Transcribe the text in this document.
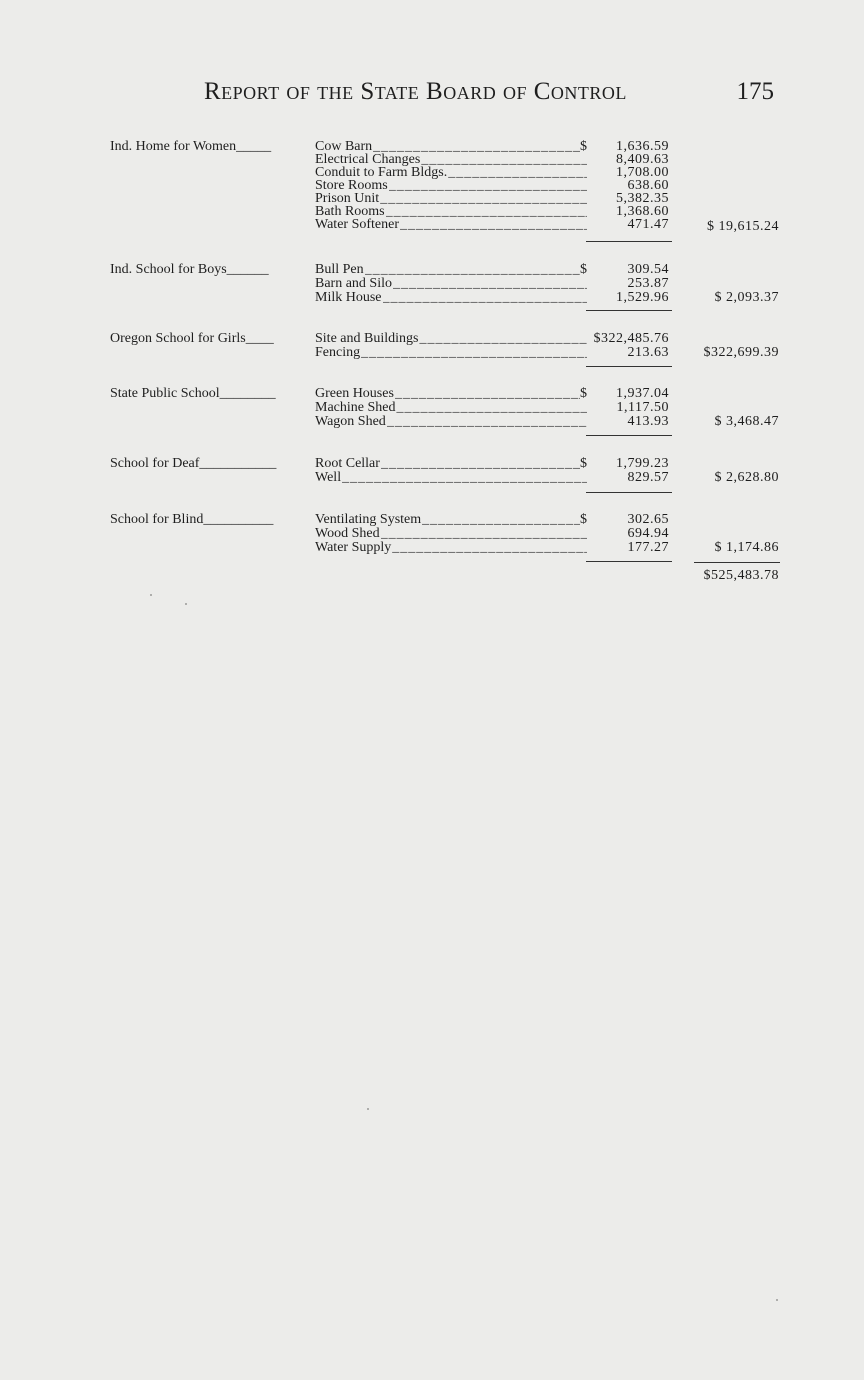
Report of the State Board of Control	175
Ind. Home for Women_____	Cow Barn _____	$ 1,636.59
Electrical Changes _____	8,409.63
Conduit to Farm Bldgs. _____	1,708.00
Store Rooms _____	638.60
Prison Unit _____	5,382.35
Bath Rooms _____	1,368.60
Water Softener _____	471.47	$ 19,615.24
Ind. School for Boys______	Bull Pen _____	$	309.54
Barn and Silo _____	253.87
Milk House _____	1,529.96	$ 2,093.37
Oregon School for Girls____	Site and Buildings _____	$322,485.76
Fencing _____	213.63 $322,699.39
State Public School________	Green Houses _____	$ 1,937.04
Machine Shed _____	1,117.50
Wagon Shed _____	413.93	$ 3,468.47
School for Deaf___________	Root Cellar _____	$ 1,799.23
Well _____	829.57	$ 2,628.80
School for Blind__________	Ventilating System _____	$	302.65
Wood Shed _____	694.94
Water Supply _____	177.27	$ 1,174.86
$525,483.78
